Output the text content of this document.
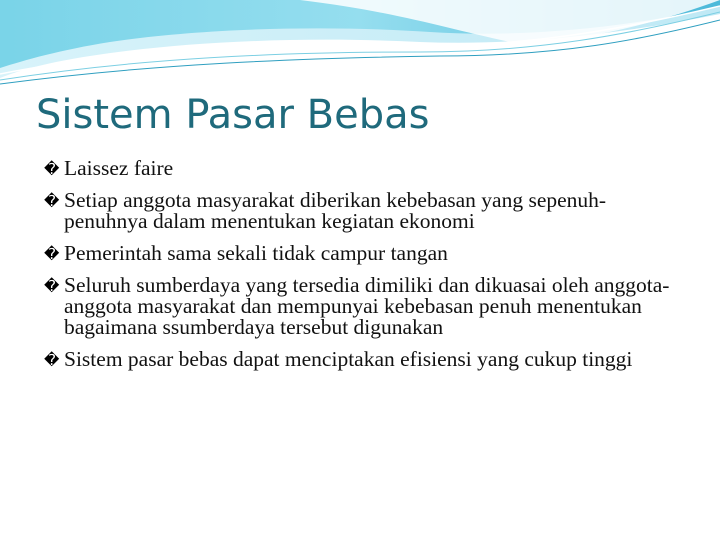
Sistem Pasar Bebas
� Laissez faire
� Setiap anggota masyarakat diberikan kebebasan yang sepenuh-penuhnya dalam menentukan kegiatan ekonomi
� Pemerintah sama sekali tidak campur tangan
� Seluruh sumberdaya yang tersedia dimiliki dan dikuasai oleh anggota-anggota masyarakat dan mempunyai kebebasan penuh menentukan bagaimana ssumberdaya tersebut digunakan
� Sistem pasar bebas dapat menciptakan efisiensi yang cukup tinggi
